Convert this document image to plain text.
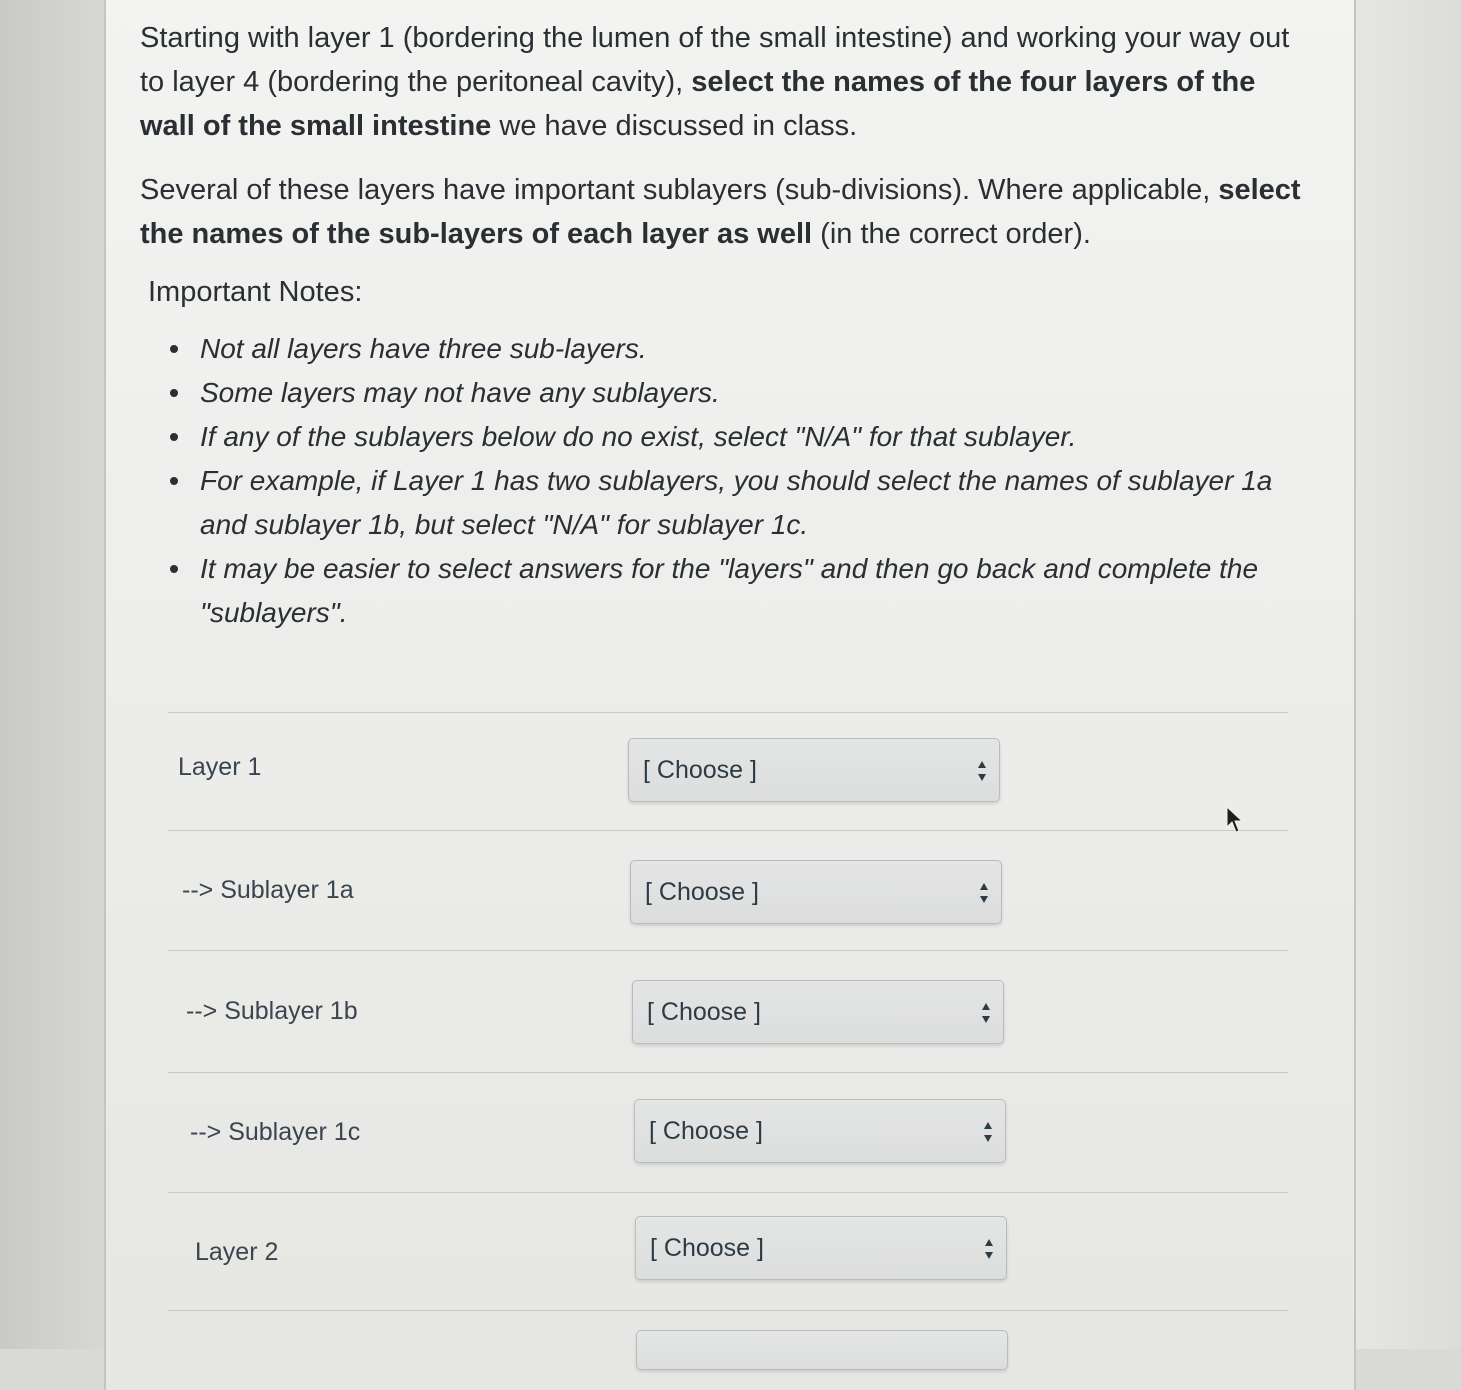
Starting with layer 1 (bordering the lumen of the small intestine) and working your way out to layer 4 (bordering the peritoneal cavity), select the names of the four layers of the wall of the small intestine we have discussed in class.

Several of these layers have important sublayers (sub-divisions). Where applicable, select the names of the sub-layers of each layer as well (in the correct order).

Important Notes:
Not all layers have three sub-layers.
Some layers may not have any sublayers.
If any of the sublayers below do no exist, select "N/A" for that sublayer.
For example, if Layer 1 has two sublayers, you should select the names of sublayer 1a and sublayer 1b, but select "N/A" for sublayer 1c.
It may be easier to select answers for the "layers" and then go back and complete the "sublayers".
Layer 1	[ Choose ]
--> Sublayer 1a	[ Choose ]
--> Sublayer 1b	[ Choose ]
--> Sublayer 1c	[ Choose ]
Layer 2	[ Choose ]
